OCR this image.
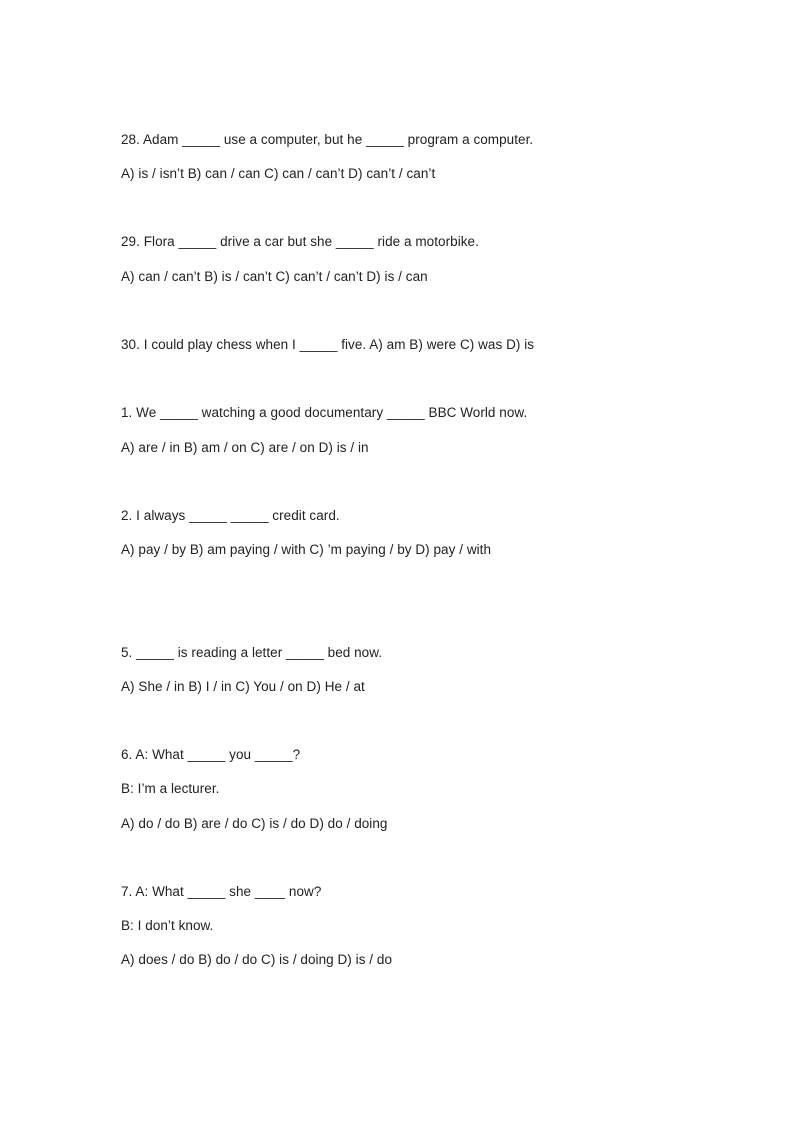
28. Adam _____ use a computer, but he _____ program a computer.
A) is / isn’t B) can / can C) can / can’t D) can’t / can’t
29. Flora _____ drive a car but she _____ ride a motorbike.
A) can / can’t B) is / can’t C) can’t / can’t D) is / can
30. I could play chess when I _____ five. A) am B) were C) was D) is
1. We _____ watching a good documentary _____ BBC World now.
A) are / in B) am / on C) are / on D) is / in
2. I always _____ _____ credit card.
A) pay / by B) am paying / with C) ’m paying / by D) pay / with
5. _____ is reading a letter _____ bed now.
A) She / in B) I / in C) You / on D) He / at
6. A: What _____ you _____?
B: I’m a lecturer.
A) do / do B) are / do C) is / do D) do / doing
7. A: What _____ she ____ now?
B: I don’t know.
A) does / do B) do / do C) is / doing D) is / do
